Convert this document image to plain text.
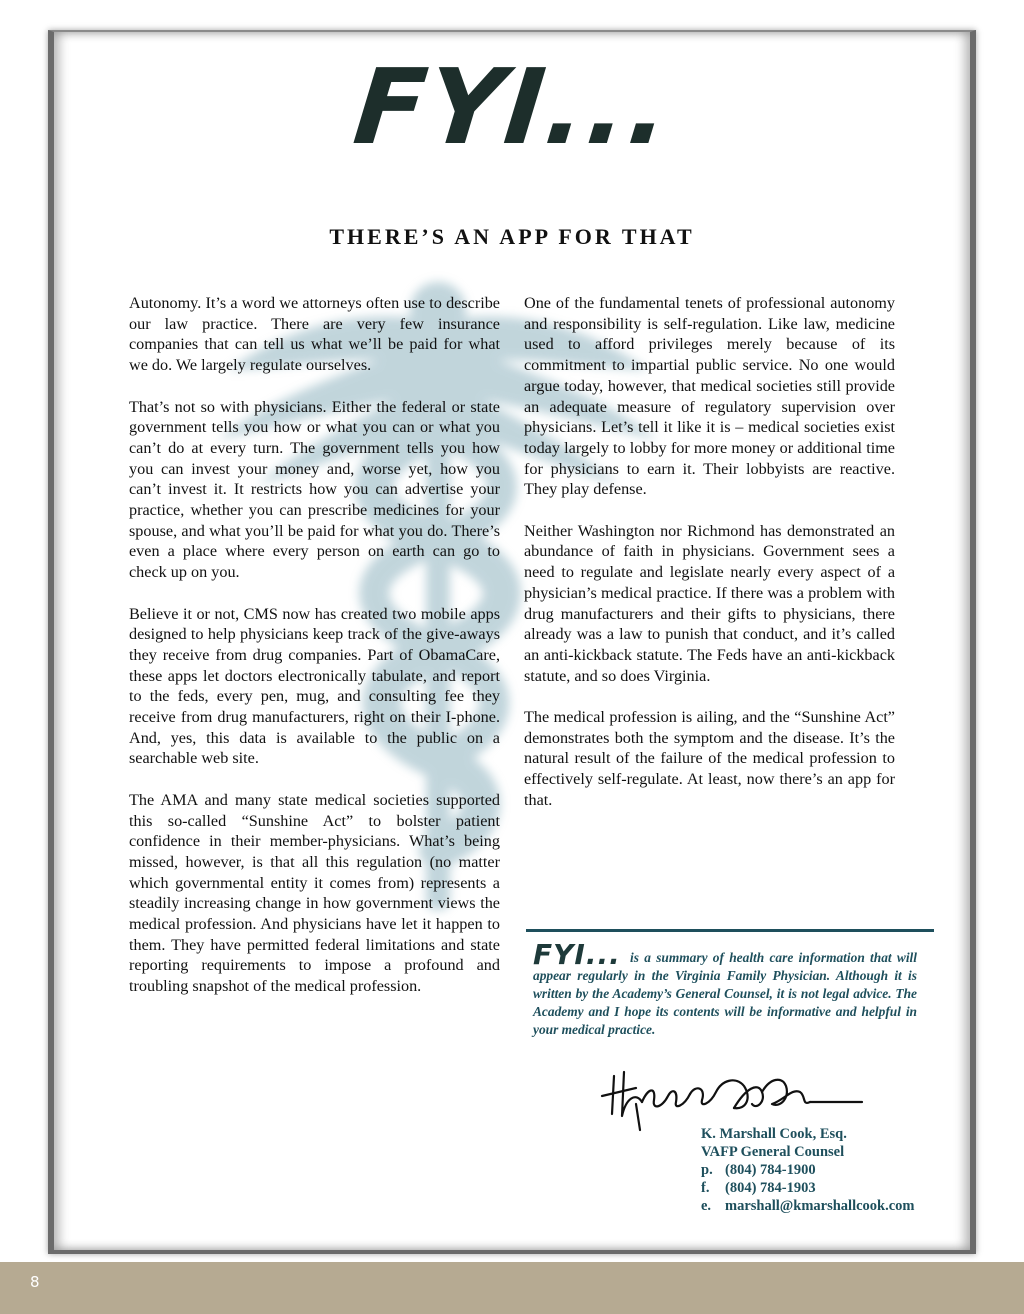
FYI...
THERE’S AN APP FOR THAT

Autonomy. It’s a word we attorneys often use to describe our law practice. There are very few insurance companies that can tell us what we’ll be paid for what we do. We largely regulate ourselves.

That’s not so with physicians. Either the federal or state government tells you how or what you can or what you can’t do at every turn. The government tells you how you can invest your money and, worse yet, how you can’t invest it. It restricts how you can advertise your practice, whether you can prescribe medicines for your spouse, and what you’ll be paid for what you do. There’s even a place where every person on earth can go to check up on you.

Believe it or not, CMS now has created two mobile apps designed to help physicians keep track of the give-aways they receive from drug companies. Part of ObamaCare, these apps let doctors electronically tabulate, and report to the feds, every pen, mug, and consulting fee they receive from drug manufacturers, right on their I-phone. And, yes, this data is available to the public on a searchable web site.

The AMA and many state medical societies supported this so-called “Sunshine Act” to bolster patient confidence in their member-physicians. What’s being missed, however, is that all this regulation (no matter which governmental entity it comes from) represents a steadily increasing change in how government views the medical profession. And physicians have let it happen to them. They have permitted federal limitations and state reporting requirements to impose a profound and troubling snapshot of the medical profession.

One of the fundamental tenets of professional autonomy and responsibility is self-regulation. Like law, medicine used to afford privileges merely because of its commitment to impartial public service. No one would argue today, however, that medical societies still provide an adequate measure of regulatory supervision over physicians. Let’s tell it like it is – medical societies exist today largely to lobby for more money or additional time for physicians to earn it. Their lobbyists are reactive. They play defense.

Neither Washington nor Richmond has demonstrated an abundance of faith in physicians. Government sees a need to regulate and legislate nearly every aspect of a physician’s medical practice. If there was a problem with drug manufacturers and their gifts to physicians, there already was a law to punish that conduct, and it’s called an anti-kickback statute. The Feds have an anti-kickback statute, and so does Virginia.

The medical profession is ailing, and the “Sunshine Act” demonstrates both the symptom and the disease. It’s the natural result of the failure of the medical profession to effectively self-regulate. At least, now there’s an app for that.

FYI... is a summary of health care information that will appear regularly in the Virginia Family Physician. Although it is written by the Academy’s General Counsel, it is not legal advice. The Academy and I hope its contents will be informative and helpful in your medical practice.
K. Marshall Cook, Esq.
VAFP General Counsel
p. (804) 784-1900
f. (804) 784-1903
e. marshall@kmarshallcook.com
8
